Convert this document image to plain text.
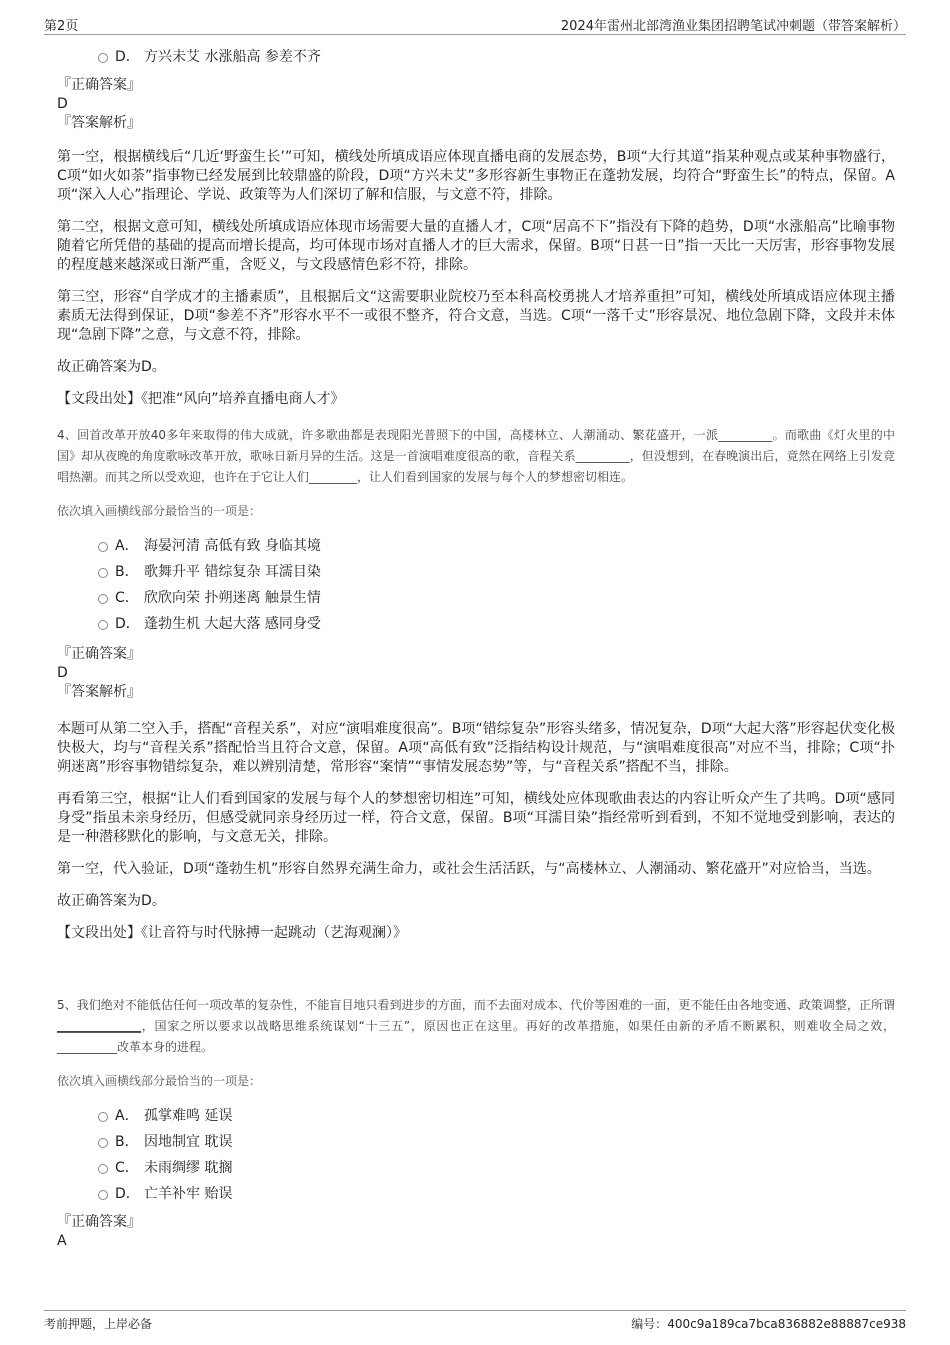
第2页	2024年雷州北部湾渔业集团招聘笔试冲刺题（带答案解析）
D． 方兴未艾 水涨船高 参差不齐

『正确答案』

D

『答案解析』

第一空，根据横线后“几近‘野蛮生长’”可知，横线处所填成语应体现直播电商的发展态势，B项“大行其道”指某种观点或某种事物盛行，C项“如火如荼”指事物已经发展到比较鼎盛的阶段，D项“方兴未艾”多形容新生事物正在蓬勃发展，均符合“野蛮生长”的特点，保留。A项“深入人心”指理论、学说、政策等为人们深切了解和信服，与文意不符，排除。

第二空，根据文意可知，横线处所填成语应体现市场需要大量的直播人才，C项“居高不下”指没有下降的趋势，D项“水涨船高”比喻事物随着它所凭借的基础的提高而增长提高，均可体现市场对直播人才的巨大需求，保留。B项“日甚一日”指一天比一天厉害，形容事物发展的程度越来越深或日渐严重，含贬义，与文段感情色彩不符，排除。

第三空，形容“自学成才的主播素质”，且根据后文“这需要职业院校乃至本科高校勇挑人才培养重担”可知，横线处所填成语应体现主播素质无法得到保证，D项“参差不齐”形容水平不一或很不整齐，符合文意，当选。C项“一落千丈”形容景况、地位急剧下降，文段并未体现“急剧下降”之意，与文意不符，排除。

故正确答案为D。

【文段出处】《把准“风向”培养直播电商人才》

4、回首改革开放40多年来取得的伟大成就，许多歌曲都是表现阳光普照下的中国，高楼林立、人潮涌动、繁花盛开，一派_________。而歌曲《灯火里的中国》却从夜晚的角度歌咏改革开放，歌咏日新月异的生活。这是一首演唱难度很高的歌，音程关系_________，但没想到，在春晚演出后，竟然在网络上引发竞唱热潮。而其之所以受欢迎，也许在于它让人们________，让人们看到国家的发展与每个人的梦想密切相连。

依次填入画横线部分最恰当的一项是：

A． 海晏河清 高低有致 身临其境
B． 歌舞升平 错综复杂 耳濡目染
C． 欣欣向荣 扑朔迷离 触景生情
D． 蓬勃生机 大起大落 感同身受

『正确答案』

D

『答案解析』

本题可从第二空入手，搭配“音程关系”，对应“演唱难度很高”。B项“错综复杂”形容头绪多，情况复杂，D项“大起大落”形容起伏变化极快极大，均与“音程关系”搭配恰当且符合文意，保留。A项“高低有致”泛指结构设计规范，与“演唱难度很高”对应不当，排除；C项“扑朔迷离”形容事物错综复杂，难以辨别清楚，常形容“案情”“事情发展态势”等，与“音程关系”搭配不当，排除。

再看第三空，根据“让人们看到国家的发展与每个人的梦想密切相连”可知，横线处应体现歌曲表达的内容让听众产生了共鸣。D项“感同身受”指虽未亲身经历，但感受就同亲身经历过一样，符合文意，保留。B项“耳濡目染”指经常听到看到，不知不觉地受到影响，表达的是一种潜移默化的影响，与文意无关，排除。

第一空，代入验证，D项“蓬勃生机”形容自然界充满生命力，或社会生活活跃，与“高楼林立、人潮涌动、繁花盛开”对应恰当，当选。

故正确答案为D。

【文段出处】《让音符与时代脉搏一起跳动（艺海观澜）》

5、我们绝对不能低估任何一项改革的复杂性，不能盲目地只看到进步的方面，而不去面对成本、代价等困难的一面，更不能任由各地变通、政策调整，正所谓______________，国家之所以要求以战略思维系统谋划“十三五”，原因也正在这里。再好的改革措施，如果任由新的矛盾不断累积，则难收全局之效，__________改革本身的进程。

依次填入画横线部分最恰当的一项是：

A． 孤掌难鸣 延误
B． 因地制宜 耽误
C． 未雨绸缪 耽搁
D． 亡羊补牢 贻误

『正确答案』

A

考前押题，上岸必备	编号：400c9a189ca7bca836882e88887ce938
